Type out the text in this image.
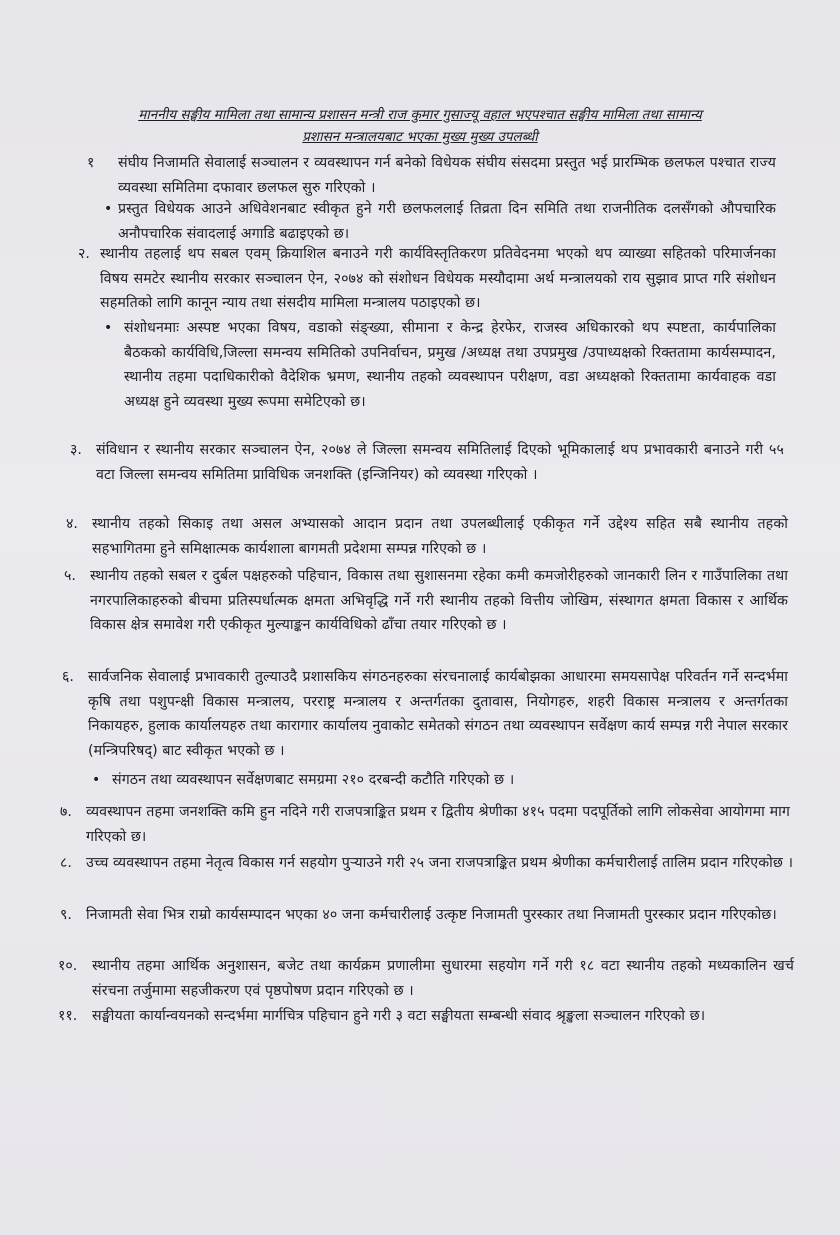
माननीय सङ्घीय मामिला तथा सामान्य प्रशासन मन्त्री राज कुमार गुसाज्यू वहाल भएपश्चात सङ्घीय मामिला तथा सामान्य
प्रशासन मन्त्रालयबाट भएका मुख्य मुख्य उपलब्धी
१ संघीय निजामति सेवालाई सञ्चालन र व्यवस्थापन गर्न बनेको विधेयक संघीय संसदमा प्रस्तुत भई प्रारम्भिक छलफल पश्चात राज्य व्यवस्था समितिमा दफावार छलफल सुरु गरिएको ।
• प्रस्तुत विधेयक आउने अधिवेशनबाट स्वीकृत हुने गरी छलफललाई तिव्रता दिन समिति तथा राजनीतिक दलसँगको औपचारिक अनौपचारिक संवादलाई अगाडि बढाइएको छ।
२. स्थानीय तहलाई थप सबल एवम् क्रियाशिल बनाउने गरी कार्यविस्तृतिकरण प्रतिवेदनमा भएको थप व्याख्या सहितको परिमार्जनका विषय समटेर स्थानीय सरकार सञ्चालन ऐन, २०७४ को संशोधन विधेयक मस्यौदामा अर्थ मन्त्रालयको राय सुझाव प्राप्त गरि संशोधन सहमतिको लागि कानून न्याय तथा संसदीय मामिला मन्त्रालय पठाइएको छ।
• संशोधनमाः अस्पष्ट भएका विषय, वडाको संङ्ख्या, सीमाना र केन्द्र हेरफेर, राजस्व अधिकारको थप स्पष्टता, कार्यपालिका बैठकको कार्यविधि,जिल्ला समन्वय समितिको उपनिर्वाचन, प्रमुख /अध्यक्ष तथा उपप्रमुख /उपाध्यक्षको रिक्ततामा कार्यसम्पादन, स्थानीय तहमा पदाधिकारीको वैदेशिक भ्रमण, स्थानीय तहको व्यवस्थापन परीक्षण, वडा अध्यक्षको रिक्ततामा कार्यवाहक वडा अध्यक्ष हुने व्यवस्था मुख्य रूपमा समेटिएको छ।
३. संविधान र स्थानीय सरकार सञ्चालन ऐन, २०७४ ले जिल्ला समन्वय समितिलाई दिएको भूमिकालाई थप प्रभावकारी बनाउने गरी ५५ वटा जिल्ला समन्वय समितिमा प्राविधिक जनशक्ति (इन्जिनियर) को व्यवस्था गरिएको ।
४. स्थानीय तहको सिकाइ तथा असल अभ्यासको आदान प्रदान तथा उपलब्धीलाई एकीकृत गर्ने उद्देश्य सहित सबै स्थानीय तहको सहभागितमा हुने समिक्षात्मक कार्यशाला बागमती प्रदेशमा सम्पन्न गरिएको छ ।
५. स्थानीय तहको सबल र दुर्बल पक्षहरुको पहिचान, विकास तथा सुशासनमा रहेका कमी कमजोरीहरुको जानकारी लिन र गाउँपालिका तथा नगरपालिकाहरुको बीचमा प्रतिस्पर्धात्मक क्षमता अभिवृद्धि गर्ने गरी स्थानीय तहको वित्तीय जोखिम, संस्थागत क्षमता विकास र आर्थिक विकास क्षेत्र समावेश गरी एकीकृत मुल्याङ्कन कार्यविधिको ढाँचा तयार गरिएको छ ।
६. सार्वजनिक सेवालाई प्रभावकारी तुल्याउदै प्रशासकिय संगठनहरुका संरचनालाई कार्यबोझका आधारमा समयसापेक्ष परिवर्तन गर्ने सन्दर्भमा कृषि तथा पशुपन्क्षी विकास मन्त्रालय, परराष्ट्र मन्त्रालय र अन्तर्गतका दुतावास, नियोगहरु, शहरी विकास मन्त्रालय र अन्तर्गतका निकायहरु, हुलाक कार्यालयहरु तथा कारागार कार्यालय नुवाकोट समेतको संगठन तथा व्यवस्थापन सर्वेक्षण कार्य सम्पन्न गरी नेपाल सरकार (मन्त्रिपरिषद्) बाट स्वीकृत भएको छ ।
• संगठन तथा व्यवस्थापन सर्वेक्षणबाट समग्रमा २१० दरबन्दी कटौति गरिएको छ ।
७. व्यवस्थापन तहमा जनशक्ति कमि हुन नदिने गरी राजपत्राङ्कित प्रथम र द्वितीय श्रेणीका ४१५ पदमा पदपूर्तिको लागि लोकसेवा आयोगमा माग गरिएको छ।
८. उच्च व्यवस्थापन तहमा नेतृत्व विकास गर्न सहयोग पुऱ्याउने गरी २५ जना राजपत्राङ्कित प्रथम श्रेणीका कर्मचारीलाई तालिम प्रदान गरिएकोछ ।
९. निजामती सेवा भित्र राम्रो कार्यसम्पादन भएका ४० जना कर्मचारीलाई उत्कृष्ट निजामती पुरस्कार तथा निजामती पुरस्कार प्रदान गरिएकोछ।
१०. स्थानीय तहमा आर्थिक अनुशासन, बजेट तथा कार्यक्रम प्रणालीमा सुधारमा सहयोग गर्ने गरी १८ वटा स्थानीय तहको मध्यकालिन खर्च संरचना तर्जुमामा सहजीकरण एवं पृष्ठपोषण प्रदान गरिएको छ ।
११. सङ्घीयता कार्यान्वयनको सन्दर्भमा मार्गचित्र पहिचान हुने गरी ३ वटा सङ्घीयता सम्बन्धी संवाद श्रृङ्खला सञ्चालन गरिएको छ।
